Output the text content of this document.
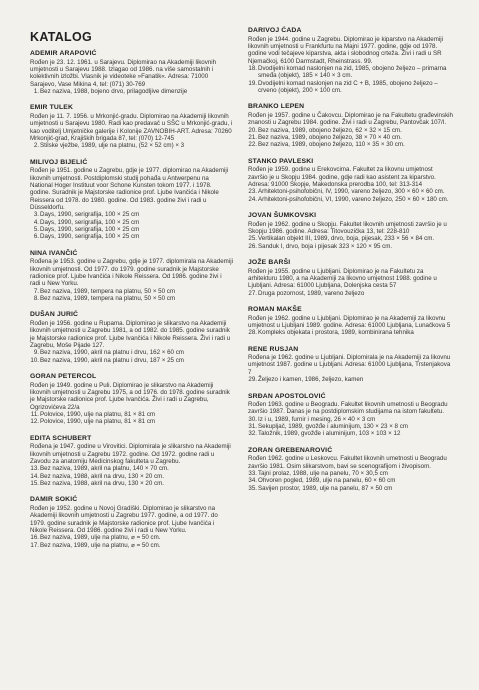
KATALOG
ADEMIR ARAPOVIĆ
Rođen je 23. 12. 1961. u Sarajevu. Diplomirao na Akademiji likovnih umjetnosti u Sarajevu 1988. Izlagao od 1986. na više samostalnih i kolektivnih izložbi. Vlasnik je videoteke »Fanatik«. Adresa: 71000 Sarajevo, Vase Mikina 4, tel: (071) 30-769
1. Bez naziva, 1988, bojeno drvo, prilagodljive dimenzije
EMIR TULEK
Rođen je 11. 7. 1956. u Mrkonjić-gradu. Diplomirao na Akademiji likovnih umjetnosti u Sarajevu 1980. Radi kao predavač u SŠC u Mrkonjić-gradu, i kao voditelj Umjetničke galerije i Kolonije ZAVNOBIH-ART. Adresa: 70260 Mrkonjić-grad, Krajiških brigada 87, tel: (070) 12-745
2. Stilske vježbe, 1989, ulje na platnu, (52 × 52 cm) × 3
MILIVOJ BIJELIĆ
Rođen je 1951. godine u Zagrebu, gdje je 1977. diplomirao na Akademiji likovnih umjetnosti. Postdiplomski studij pohađa u Antwerpenu na National Hoger Instituut voor Schone Kunsten tokom 1977. i 1978. godine. Suradnik je Majstorske radionice prof. Ljube Ivančića i Nikole Reissera od 1978. do 1980. godine. Od 1983. godine živi i radi u Düsseldorfu.
3. Days, 1990, serigrafija, 100 × 25 cm
4. Days, 1990, serigrafija, 100 × 25 cm
5. Days, 1990, serigrafija, 100 × 25 cm
6. Days, 1990, serigrafija, 100 × 25 cm
NINA IVANČIĆ
Rođena je 1953. godine u Zagrebu, gdje je 1977. diplomirala na Akademiji likovnih umjetnosti. Od 1977. do 1979. godine suradnik je Majstorske radionice prof. Ljube Ivančića i Nikole Reissera. Od 1986. godine živi i radi u New Yorku.
7. Bez naziva, 1989, tempera na platnu, 50 × 50 cm
8. Bez naziva, 1989, tempera na platnu, 50 × 50 cm
DUŠAN JURIĆ
Rođen je 1956. godine u Rupama. Diplomirao je slikarstvo na Akademiji likovnih umjetnosti u Zagrebu 1981, a od 1982. do 1985. godine suradnik je Majstorske radionice prof. Ljube Ivančića i Nikole Reissera. Živi i radi u Zagrebu, Moše Pijade 127.
9. Bez naziva, 1990, akril na platnu i drvu, 162 × 60 cm
10. Bez naziva, 1990, akril na platnu i drvu, 187 × 25 cm
GORAN PETERCOL
Rođen je 1949. godine u Puli. Diplomirao je slikarstvo na Akademiji likovnih umjetnosti u Zagrebu 1975, a od 1976. do 1978. godine suradnik je Majstorske radionice prof. Ljube Ivančića. Živi i radi u Zagrebu, Ogrizovićeva 22/a
11. Polovice, 1990, ulje na platnu, 81 × 81 cm
12. Polovice, 1990, ulje na platnu, 81 × 81 cm
EDITA SCHUBERT
Rođena je 1947. godine u Virovitici. Diplomirala je slikarstvo na Akademiji likovnih umjetnosti u Zagrebu 1972. godine. Od 1972. godine radi u Zavodu za anatomiju Medicinskog fakulteta u Zagrebu.
13. Bez naziva, 1989, akril na platnu, 140 × 70 cm.
14. Bez naziva, 1988, akril na drvu, 130 × 20 cm.
15. Bez naziva, 1988, akril na drvu, 130 × 20 cm.
DAMIR SOKIĆ
Rođen je 1952. godine u Novoj Gradiški. Diplomirao je slikarstvo na Akademiji likovnih umjetnosti u Zagrebu 1977. godine, a od 1977. do 1979. godine suradnik je Majstorske radionice prof. Ljube Ivančića i Nikole Reissera. Od 1986. godine živi i radi u New Yorku.
16. Bez naziva, 1989, ulje na platnu, ⌀ = 50 cm.
17. Bez naziva, 1989, ulje na platnu, ⌀ = 50 cm.
DARIVOJ ĆADA
Rođen je 1944. godine u Zagrebu. Diplomirao je kiparstvo na Akademiji likovnih umjetnosti u Frankfurtu na Majni 1977. godine, gdje od 1978. godine vodi tečajeve kiparstva, akta i slobodnog crteža. Živi i radi u SR Njemačkoj, 6100 Darmstadt, Rheinstrass. 99.
18. Dvodijelni komad naslonjen na zid, 1985, obojeno željezo – primarna smeđa (objekt), 185 × 140 × 3 cm.
19. Dvodijelni komad naslonjen na zid C + B, 1985, obojeno željezo – crveno (objekt), 200 × 100 cm.
BRANKO LEPEN
Rođen je 1957. godine u Čakovcu. Diplomirao je na Fakultetu građevinskih znanosti u Zagrebu 1984. godine. Živi i radi u Zagrebu, Pantovčak 107/I.
20. Bez naziva, 1989, obojeno željezo, 62 × 32 × 15 cm.
21. Bez naziva, 1989, obojeno željezo, 38 × 70 × 40 cm.
22. Bez naziva, 1989, obojeno željezo, 110 × 35 × 30 cm.
STANKO PAVLESKI
Rođen je 1959. godine u Erekovcima. Fakultet za likovnu umjetnost završio je u Skopju 1984. godine, gdje radi kao asistent za kiparstvo. Adresa: 91000 Skopje, Makedonska prerodba 100, tel: 313-314
23. Arhitektoni-psihofobični, IV, 1990, vareno željezo, 300 × 60 × 60 cm.
24. Arhitektoni-psihofobični, VI, 1990, vareno željezo, 250 × 60 × 180 cm.
JOVAN ŠUMKOVSKI
Rođen je 1962. godine u Skopju. Fakultet likovnih umjetnosti završio je u Skopju 1986. godine. Adresa: Titovouzička 13, tel: 228-810
25. Vertikalan objekt III, 1989, drvo, boja, pijesak, 233 × 56 × 84 cm.
26. Sanduk I, drvo, boja i pijesak 323 × 120 × 95 cm.
JOŽE BARŠI
Rođen je 1955. godine u Ljubljani. Diplomirao je na Fakultetu za arhitekturu 1980, a na Akademiji za likovno umjetnost 1988. godine u Ljubljani. Adresa: 61000 Ljubljana, Dolenjska cesta 57
27. Druga pozornost, 1989, vareno željezo
ROMAN MAKŠE
Rođen je 1962. godine u Ljubljani. Diplomirao je na Akademiji za likovnu umjetnost u Ljubljani 1989. godine. Adresa: 61000 Ljubljana, Lunačkova 5
28. Kompleks objekata i prostora, 1989, kombinirana tehnika
RENE RUSJAN
Rođena je 1962. godine u Ljubljani. Diplomirala je na Akademiji za likovnu umjetnost 1987. godine u Ljubljani. Adresa: 61000 Ljubljana, Trstenjakova 7
29. Željezo i kamen, 1986, željezo, kamen
SRĐAN APOSTOLOVIĆ
Rođen 1963. godine u Beogradu. Fakultet likovnih umetnosti u Beogradu završio 1987. Danas je na postdiplomskim studijama na istom fakultetu.
30. Iz i u, 1989, furnir i mesing, 26 × 40 × 3 cm
31. Sekupljač, 1989, gvožđe i aluminijum, 130 × 23 × 8 cm
32. Taložnik, 1989, gvožđe i aluminijum, 103 × 103 × 12
ZORAN GREBENAROVIĆ
Rođen 1962. godine u Leskovcu. Fakultet likovnih umetnosti u Beogradu završio 1981. Osim slikarstvom, bavi se scenografijom i živopisom.
33. Tajni prolaz, 1988, ulje na panelu, 70 × 30,5 cm
34. Ohvoren pogled, 1989, ulje na panelu, 60 × 60 cm
35. Savijen prostor, 1989, ulje na panelu, 87 × 50 cm
